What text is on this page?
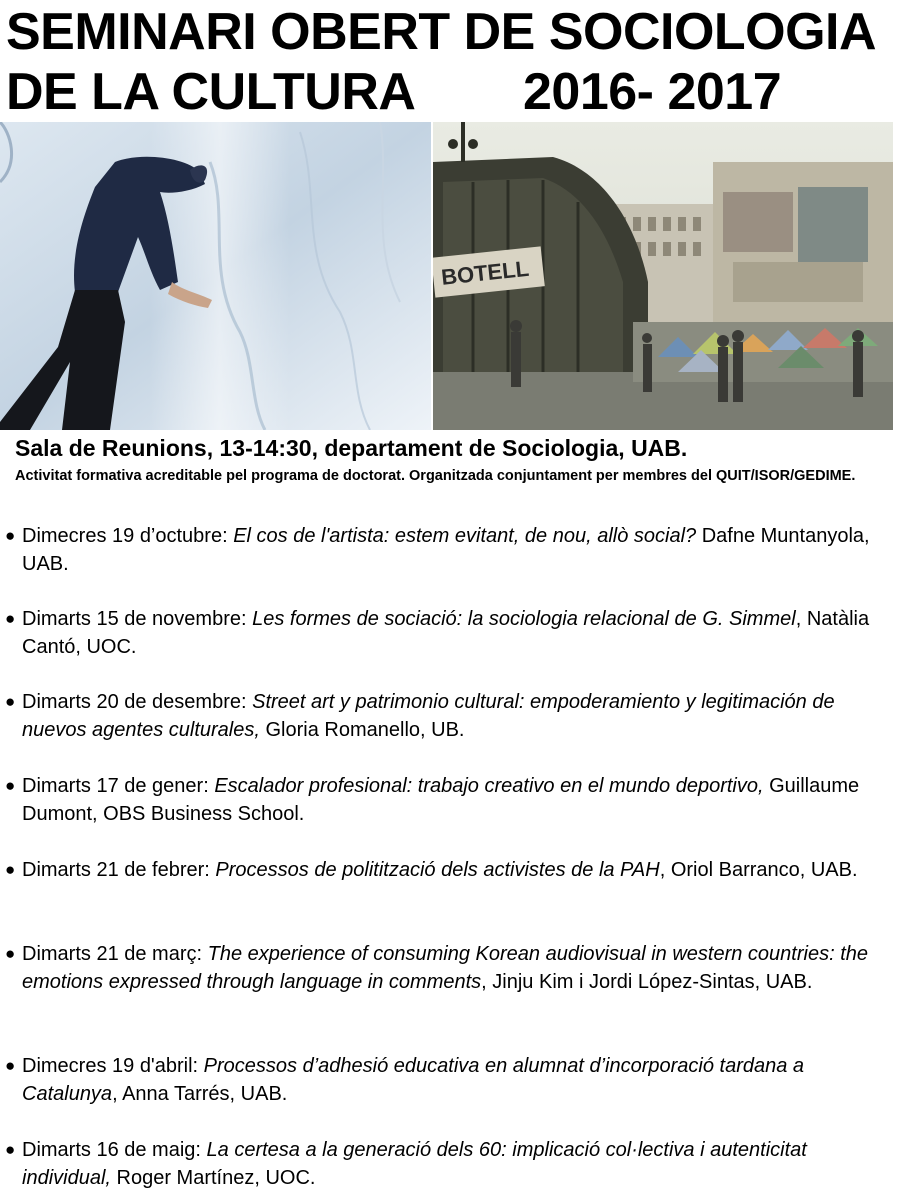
SEMINARI OBERT DE SOCIOLOGIA
DE LA CULTURA	2016- 2017
BOTELL
Sala de Reunions, 13-14:30, departament de Sociologia, UAB.
Activitat formativa acreditable pel programa de doctorat. Organitzada conjuntament per membres del QUIT/ISOR/GEDIME.
● Dimecres 19 d’octubre: El cos de l'artista: estem evitant, de nou, allò social? Dafne Muntanyola, UAB.
● Dimarts 15 de novembre: Les formes de sociació: la sociologia relacional de G. Simmel, Natàlia Cantó, UOC.
● Dimarts 20 de desembre: Street art y patrimonio cultural: empoderamiento y legitimación de nuevos agentes culturales, Gloria Romanello, UB.
● Dimarts 17 de gener: Escalador profesional: trabajo creativo en el mundo deportivo, Guillaume Dumont, OBS Business School.
● Dimarts 21 de febrer: Processos de politització dels activistes de la PAH, Oriol Barranco, UAB.
● Dimarts 21 de març: The experience of consuming Korean audiovisual in western countries: the emotions expressed through language in comments, Jinju Kim i Jordi López-Sintas, UAB.
● Dimecres 19 d'abril: Processos d’adhesió educativa en alumnat d’incorporació tardana a Catalunya, Anna Tarrés, UAB.
● Dimarts 16 de maig: La certesa a la generació dels 60: implicació col·lectiva i autenticitat individual, Roger Martínez, UOC.
